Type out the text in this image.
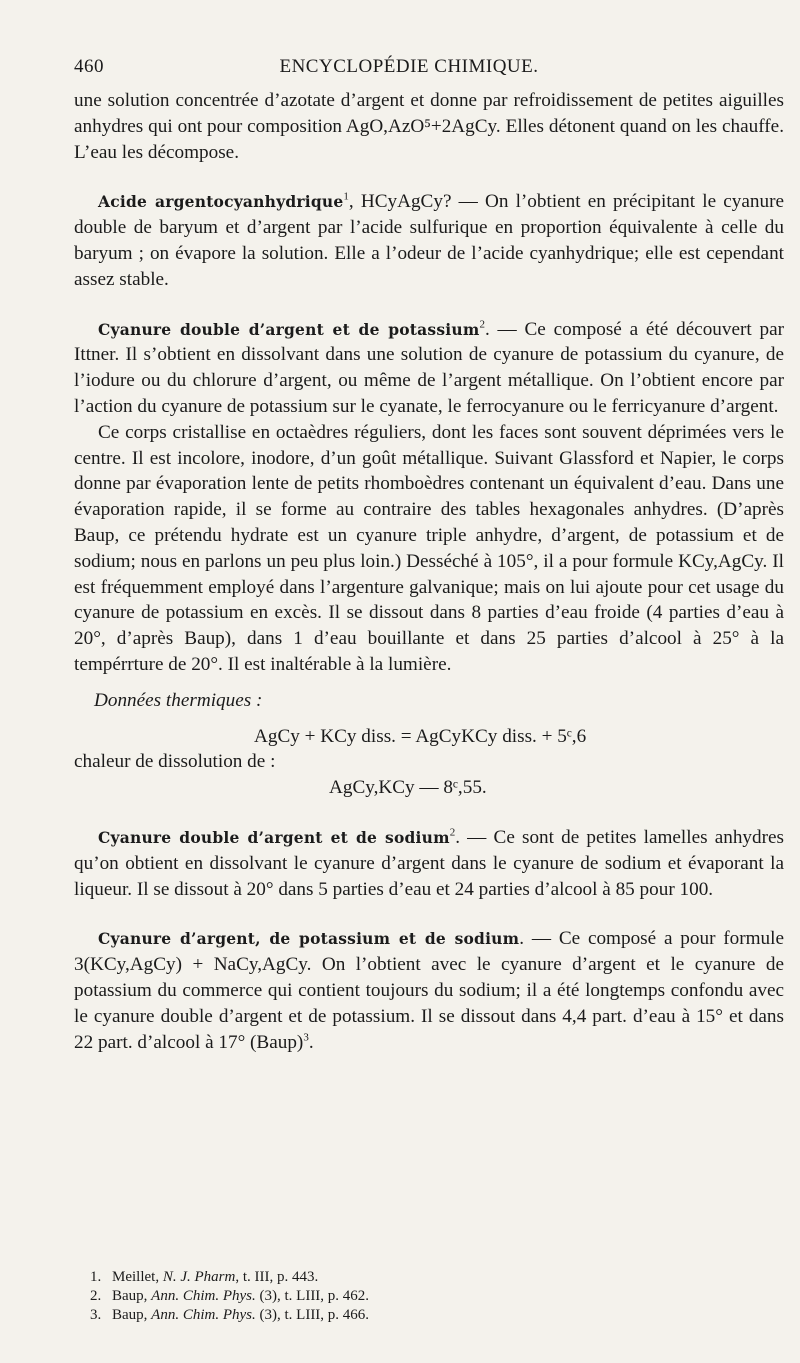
460	ENCYCLOPÉDIE CHIMIQUE.

une solution concentrée d’azotate d’argent et donne par refroidissement de petites aiguilles anhydres qui ont pour composition AgO,AzO⁵+2AgCy. Elles détonent quand on les chauffe. L’eau les décompose.

Acide argentocyanhydrique$^1$, HCyAgCy? — On l’obtient en précipitant le cyanure double de baryum et d’argent par l’acide sulfurique en proportion équivalente à celle du baryum ; on évapore la solution. Elle a l’odeur de l’acide cyanhydrique; elle est cependant assez stable.

Cyanure double d’argent et de potassium$^2$. — Ce composé a été découvert par Ittner. Il s’obtient en dissolvant dans une solution de cyanure de potassium du cyanure, de l’iodure ou du chlorure d’argent, ou même de l’argent métallique. On l’obtient encore par l’action du cyanure de potassium sur le cyanate, le ferrocyanure ou le ferricyanure d’argent.

Ce corps cristallise en octaèdres réguliers, dont les faces sont souvent déprimées vers le centre. Il est incolore, inodore, d’un goût métallique. Suivant Glassford et Napier, le corps donne par évaporation lente de petits rhomboèdres contenant un équivalent d’eau. Dans une évaporation rapide, il se forme au contraire des tables hexagonales anhydres. (D’après Baup, ce prétendu hydrate est un cyanure triple anhydre, d’argent, de potassium et de sodium; nous en parlons un peu plus loin.) Desséché à 105°, il a pour formule KCy,AgCy. Il est fréquemment employé dans l’argenture galvanique; mais on lui ajoute pour cet usage du cyanure de potassium en excès. Il se dissout dans 8 parties d’eau froide (4 parties d’eau à 20°, d’après Baup), dans 1 d’eau bouillante et dans 25 parties d’alcool à 25° à la tempérrture de 20°. Il est inaltérable à la lumière.

Données thermiques :

AgCy + KCy diss. = AgCyKCy diss. + 5ᶜ,6

chaleur de dissolution de :

AgCy,KCy — 8ᶜ,55.

Cyanure double d’argent et de sodium$^2$. — Ce sont de petites lamelles anhydres qu’on obtient en dissolvant le cyanure d’argent dans le cyanure de sodium et évaporant la liqueur. Il se dissout à 20° dans 5 parties d’eau et 24 parties d’alcool à 85 pour 100.

Cyanure d’argent, de potassium et de sodium. — Ce composé a pour formule 3(KCy,AgCy) + NaCy,AgCy. On l’obtient avec le cyanure d’argent et le cyanure de potassium du commerce qui contient toujours du sodium; il a été longtemps confondu avec le cyanure double d’argent et de potassium. Il se dissout dans 4,4 part. d’eau à 15° et dans 22 part. d’alcool à 17° (Baup)$^3$.

1. Meillet, N. J. Pharm, t. III, p. 443.
2. Baup, Ann. Chim. Phys. (3), t. LIII, p. 462.
3. Baup, Ann. Chim. Phys. (3), t. LIII, p. 466.
